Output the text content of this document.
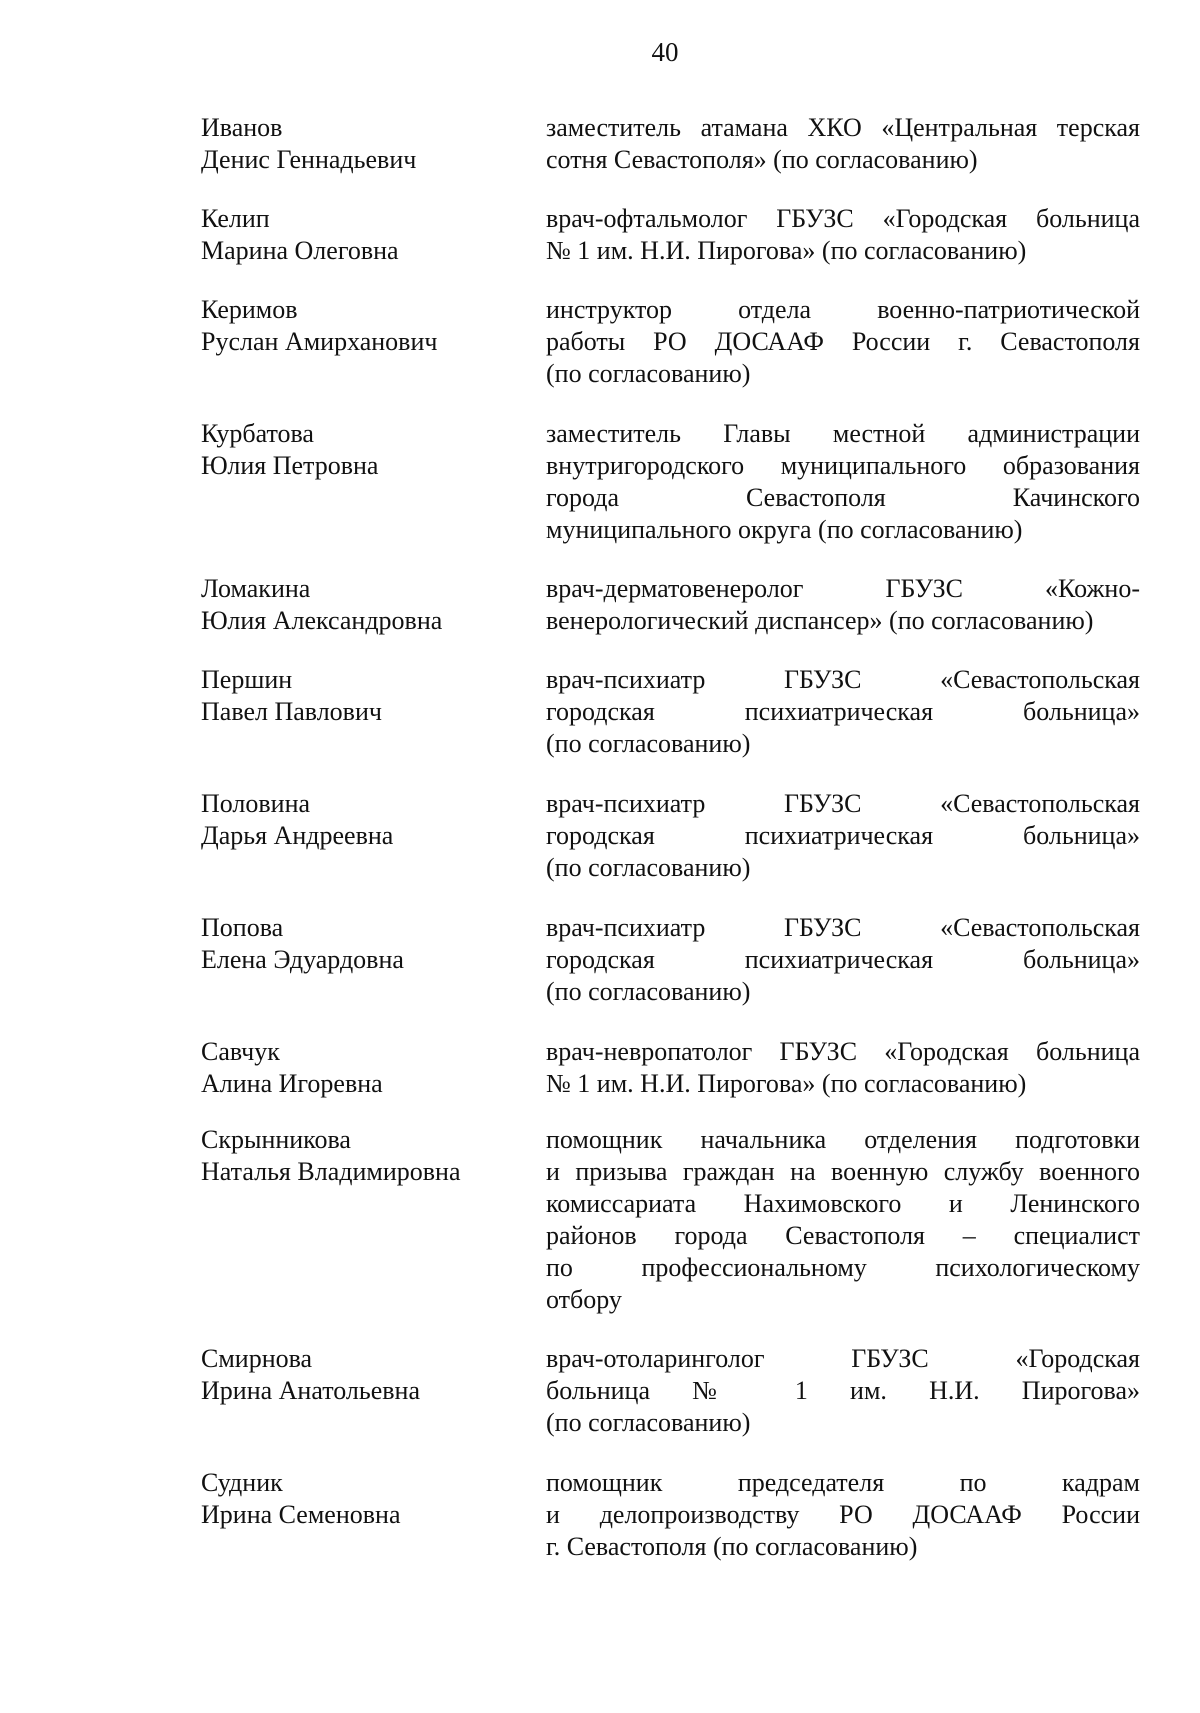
40
Иванов
Денис Геннадьевич
заместитель атамана ХКО «Центральная терская
сотня Севастополя» (по согласованию)
Келип
Марина Олеговна
врач-офтальмолог ГБУЗС «Городская больница
№ 1 им. Н.И. Пирогова» (по согласованию)
Керимов
Руслан Амирханович
инструктор отдела военно-патриотической
работы РО ДОСААФ России г. Севастополя
(по согласованию)
Курбатова
Юлия Петровна
заместитель Главы местной администрации
внутригородского муниципального образования
города Севастополя Качинского
муниципального округа (по согласованию)
Ломакина
Юлия Александровна
врач-дерматовенеролог ГБУЗС «Кожно-
венерологический диспансер» (по согласованию)
Першин
Павел Павлович
врач-психиатр ГБУЗС «Севастопольская
городская психиатрическая больница»
(по согласованию)
Половина
Дарья Андреевна
врач-психиатр ГБУЗС «Севастопольская
городская психиатрическая больница»
(по согласованию)
Попова
Елена Эдуардовна
врач-психиатр ГБУЗС «Севастопольская
городская психиатрическая больница»
(по согласованию)
Савчук
Алина Игоревна
врач-невропатолог ГБУЗС «Городская больница
№ 1 им. Н.И. Пирогова» (по согласованию)
Скрынникова
Наталья Владимировна
помощник начальника отделения подготовки
и призыва граждан на военную службу военного
комиссариата Нахимовского и Ленинского
районов города Севастополя – специалист
по профессиональному психологическому
отбору
Смирнова
Ирина Анатольевна
врач-отоларинголог ГБУЗС «Городская
больница № 1 им. Н.И. Пирогова»
(по согласованию)
Судник
Ирина Семеновна
помощник председателя по кадрам
и делопроизводству РО ДОСААФ России
г. Севастополя (по согласованию)
